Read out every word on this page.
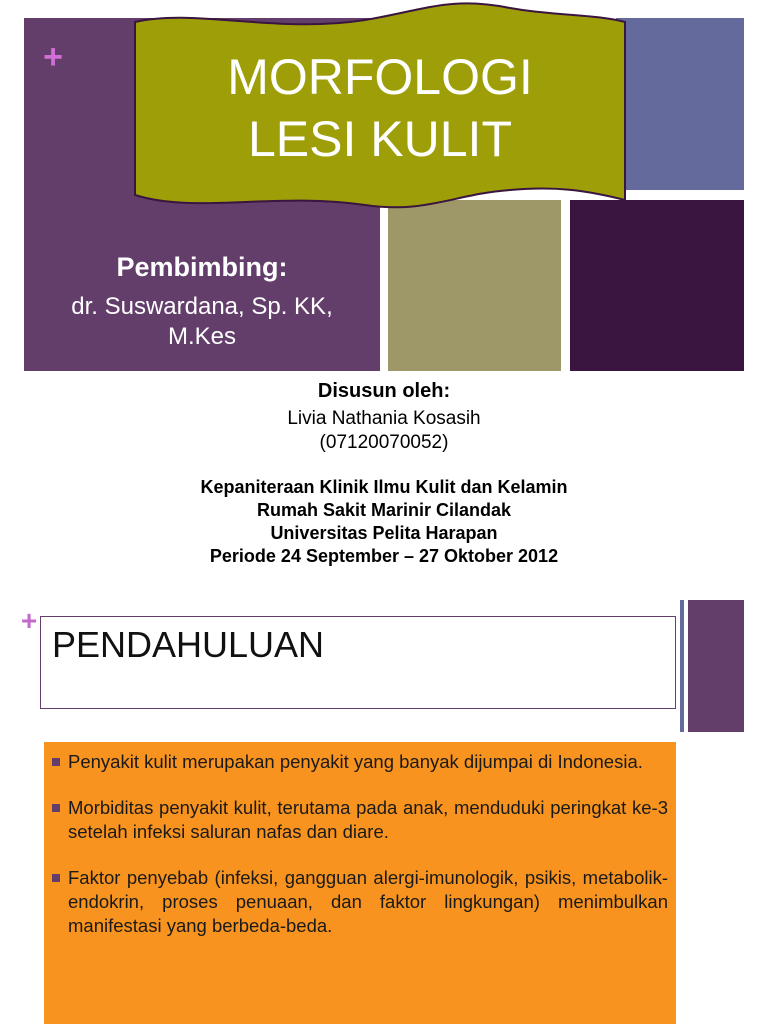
+	MORFOLOGI
LESI KULIT
Pembimbing:
dr. Suswardana, Sp. KK,
M.Kes
Disusun oleh:
Livia Nathania Kosasih
(07120070052)
Kepaniteraan Klinik Ilmu Kulit dan Kelamin
Rumah Sakit Marinir Cilandak
Universitas Pelita Harapan
Periode 24 September – 27 Oktober 2012
+
PENDAHULUAN
Penyakit kulit merupakan penyakit yang banyak dijumpai di Indonesia.
Morbiditas penyakit kulit, terutama pada anak, menduduki peringkat ke-3 setelah infeksi saluran nafas dan diare.
Faktor penyebab (infeksi, gangguan alergi-imunologik, psikis, metabolik-endokrin, proses penuaan, dan faktor lingkungan) menimbulkan manifestasi yang berbeda-beda.
